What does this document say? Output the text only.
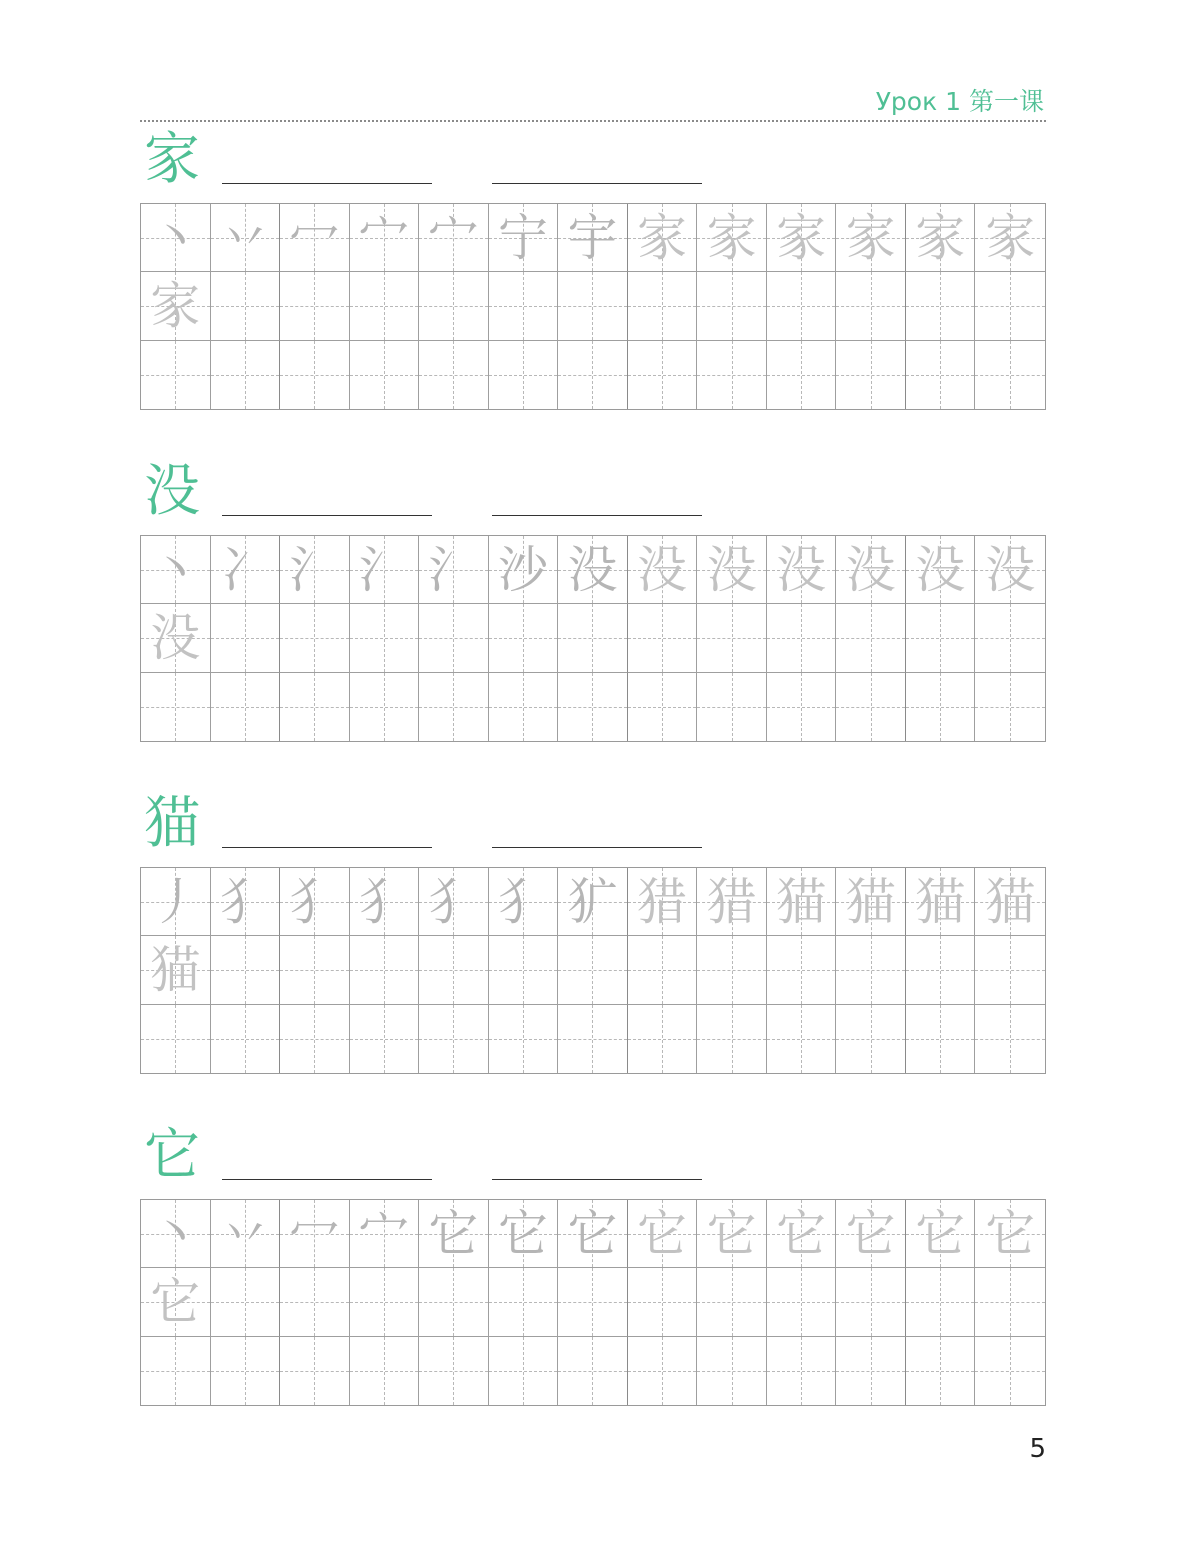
Урок 1 第一课
家
丶 丷 冖 宀 宀 宁 宇 家 家 家 家 家 家
家
没
丶 冫 氵 氵 氵 沙 没 没 没 没 没 没 没
没
猫
丿 犭 犭 犭 犭 犭 犷 猎 猎 猫 猫 猫 猫
猫
它
丶 丷 冖 宀 它 它 它 它 它 它 它 它 它
它
5
